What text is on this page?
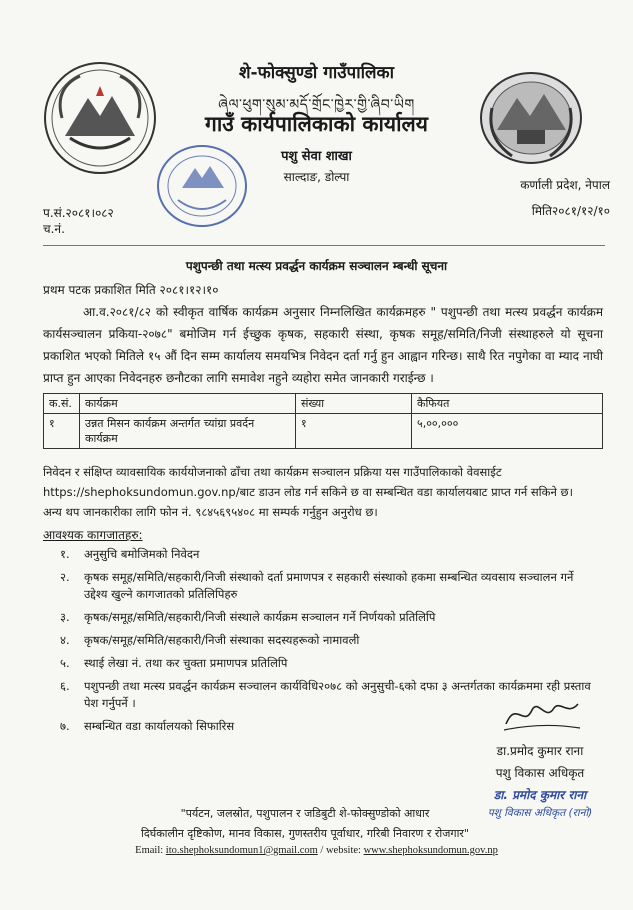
शे-फोक्सुण्डो गाउँपालिका
ཞེལ་ཕུག་སུམ་མདོ་གྲོང་ཁྱེར་གྱི་ཞིབ་ཡིག
गाउँ कार्यपालिकाको कार्यालय
पशु सेवा शाखा
साल्दाङ, डोल्पा
कर्णाली प्रदेश, नेपाल
मिति२०८१/१२/१०
प.सं.२०८१।०८२
च.नं.
पशुपन्छी तथा मत्स्य प्रवर्द्धन कार्यक्रम सञ्चालन म्बन्धी सूचना
प्रथम पटक प्रकाशित मिति २०८१।१२।१०

आ.व.२०८१/८२ को स्वीकृत वार्षिक कार्यक्रम अनुसार निम्नलिखित कार्यक्रमहरु " पशुपन्छी तथा मत्स्य प्रवर्द्धन कार्यक्रम कार्यसञ्चालन प्रकिया-२०७८" बमोजिम गर्न ईच्छुक कृषक, सहकारी संस्था, कृषक समूह/समिति/निजी संस्थाहरुले यो सूचना प्रकाशित भएको मितिले १५ औं दिन सम्म कार्यालय समयभित्र निवेदन दर्ता गर्नु हुन आह्वान गरिन्छ। साथै रित नपुगेका वा म्याद नाघी प्राप्त हुन आएका निवेदनहरु छनौटका लागि समावेश नहुने व्यहोरा समेत जानकारी गराईन्छ ।

क.सं.	कार्यक्रम	संख्या	कैफियत
१	उन्नत मिसन कार्यक्रम अन्तर्गत च्यांग्रा प्रवर्दन कार्यक्रम	१	५,००,०००
निवेदन र संक्षिप्त व्यावसायिक कार्ययोजनाको ढाँचा तथा कार्यक्रम सञ्चालन प्रक्रिया यस गाउँपालिकाको वेवसाईट
https://shephoksundomun.gov.np/बाट डाउन लोड गर्न सकिने छ वा सम्बन्धित वडा कार्यालयबाट प्राप्त गर्न सकिने छ।
अन्य थप जानकारीका लागि फोन नं. ९८४५६९५४०८ मा सम्पर्क गर्नुहुन अनुरोध छ।
आवश्यक कागजातहरु:
१. अनुसुचि बमोजिमको निवेदन
२. कृषक समूह/समिति/सहकारी/निजी संस्थाको दर्ता प्रमाणपत्र र सहकारी संस्थाको हकमा सम्बन्धित व्यवसाय सञ्चालन गर्ने उद्देश्य खुल्ने कागजातको प्रतिलिपिहरु
३. कृषक/समूह/समिति/सहकारी/निजी संस्थाले कार्यक्रम सञ्चालन गर्ने निर्णयको प्रतिलिपि
४. कृषक/समूह/समिति/सहकारी/निजी संस्थाका सदस्यहरूको नामावली
५. स्थाई लेखा नं. तथा कर चुक्ता प्रमाणपत्र प्रतिलिपि
६. पशुपन्छी तथा मत्स्य प्रवर्द्धन कार्यक्रम सञ्चालन कार्यविधि२०७८ को अनुसुची-६को दफा ३ अन्तर्गतका कार्यक्रममा रही प्रस्ताव पेश गर्नुपर्ने ।
७. सम्बन्धित वडा कार्यालयको सिफारिस
डा.प्रमोद कुमार राना
पशु विकास अधिकृत
डा. प्रमोद कुमार राना
पशु विकास अधिकृत (रानो)
"पर्यटन, जलस्रोत, पशुपालन र जडिबुटी शे-फोक्सुण्डोको आधार
दिर्घकालीन दृष्टिकोण, मानव विकास, गुणस्तरीय पूर्वाधार, गरिबी निवारण र रोजगार"
Email: ito.shephoksundomun1@gmail.com / website: www.shephoksundomun.gov.np
